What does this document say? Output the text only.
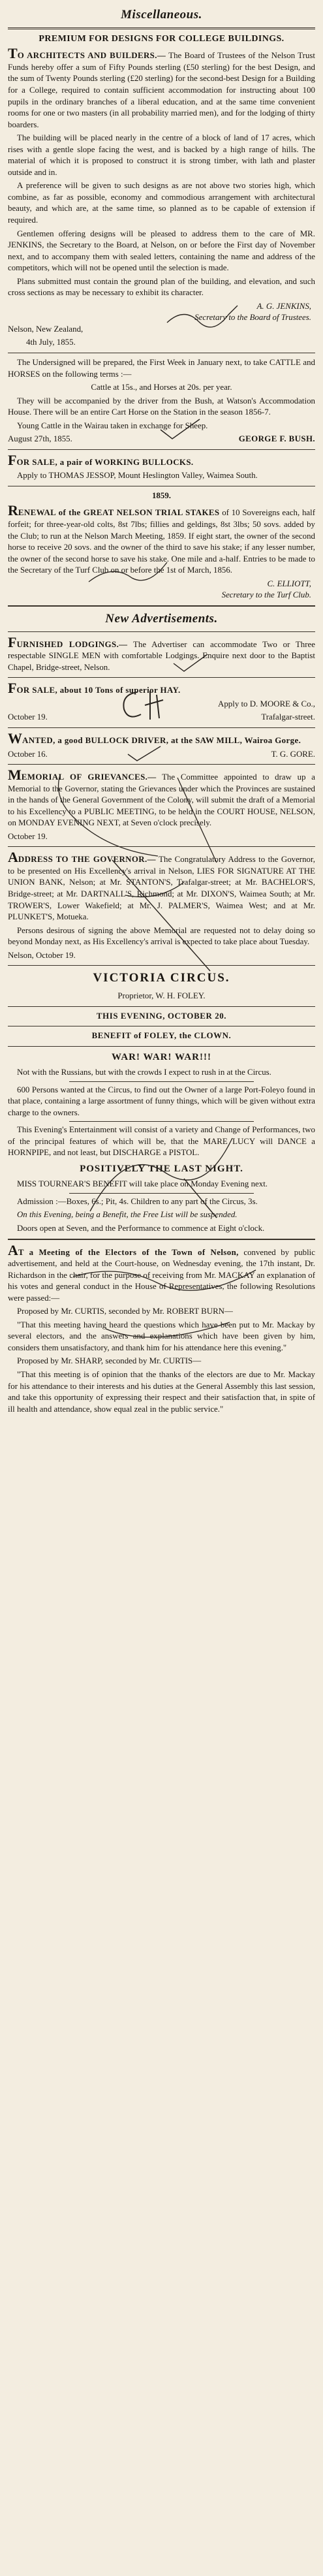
Miscellaneous.
PREMIUM FOR DESIGNS FOR COLLEGE BUILDINGS.

TO ARCHITECTS AND BUILDERS.— The Board of Trustees of the Nelson Trust Funds hereby offer a sum of Fifty Pounds sterling (£50 sterling) for the best Design, and the sum of Twenty Pounds sterling (£20 sterling) for the second-best Design for a Building for a College, required to contain sufficient accommodation for instructing about 100 pupils in the ordinary branches of a liberal education, and at the same time convenient rooms for one or two masters (in all probability married men), and for the lodging of thirty boarders.

The building will be placed nearly in the centre of a block of land of 17 acres, which rises with a gentle slope facing the west, and is backed by a high range of hills. The material of which it is proposed to construct it is strong timber, with lath and plaster outside and in.

A preference will be given to such designs as are not above two stories high, which combine, as far as possible, economy and commodious arrangement with architectural beauty, and which are, at the same time, so planned as to be capable of extension if required.

Gentlemen offering designs will be pleased to address them to the care of MR. JENKINS, the Secretary to the Board, at Nelson, on or before the First day of November next, and to accompany them with sealed letters, containing the name and address of the competitors, which will not be opened until the selection is made.

Plans submitted must contain the ground plan of the building, and elevation, and such cross sections as may be necessary to exhibit its character.

A. G. JENKINS,
Secretary to the Board of Trustees.

Nelson, New Zealand,

4th July, 1855.

The Undersigned will be prepared, the First Week in January next, to take CATTLE and HORSES on the following terms :—

Cattle at 15s., and Horses at 20s. per year.

They will be accompanied by the driver from the Bush, at Watson's Accommodation House. There will be an entire Cart Horse on the Station in the season 1856-7.

Young Cattle in the Wairau taken in exchange for Sheep.

August 27th, 1855.	GEORGE F. BUSH.

FOR SALE, a pair of WORKING BULLOCKS.

Apply to THOMAS JESSOP, Mount Heslington Valley, Waimea South.

1859.

RENEWAL of the GREAT NELSON TRIAL STAKES of 10 Sovereigns each, half forfeit; for three-year-old colts, 8st 7lbs; fillies and geldings, 8st 3lbs; 50 sovs. added by the Club; to run at the Nelson March Meeting, 1859. If eight start, the owner of the second horse to receive 20 sovs. and the owner of the third to save his stake; if any lesser number, the owner of the second horse to save his stake. One mile and a-half. Entries to be made to the Secretary of the Turf Club on or before the 1st of March, 1856.

C. ELLIOTT,
Secretary to the Turf Club.
New Advertisements.

FURNISHED LODGINGS.— The Advertiser can accommodate Two or Three respectable SINGLE MEN with comfortable Lodgings. Enquire next door to the Baptist Chapel, Bridge-street, Nelson.

FOR SALE, about 10 Tons of superior HAY.

Apply to D. MOORE & Co.,

October 19.	Trafalgar-street.

WANTED, a good BULLOCK DRIVER, at the SAW MILL, Wairoa Gorge.

October 16.	T. G. GORE.

MEMORIAL OF GRIEVANCES.— The Committee appointed to draw up a Memorial to the Governor, stating the Grievances under which the Provinces are sustained in the hands of the General Government of the Colony, will submit the draft of a Memorial to his Excellency to a PUBLIC MEETING, to be held in the COURT HOUSE, NELSON, on MONDAY EVENING NEXT, at Seven o'clock precisely.

October 19.

ADDRESS TO THE GOVERNOR.— The Congratulatory Address to the Governor, to be presented on His Excellency's arrival in Nelson, LIES FOR SIGNATURE AT THE UNION BANK, Nelson; at Mr. STANTON'S, Trafalgar-street; at Mr. BACHELOR'S, Bridge-street; at Mr. DARTNALL'S, Richmond; at Mr. DIXON'S, Waimea South; at Mr. TROWER'S, Lower Wakefield; at Mr. J. PALMER'S, Waimea West; and at Mr. PLUNKET'S, Motueka.

Persons desirous of signing the above Memorial are requested not to delay doing so beyond Monday next, as His Excellency's arrival is expected to take place about Tuesday.

Nelson, October 19.

VICTORIA CIRCUS.
Proprietor, W. H. FOLEY.
THIS EVENING, OCTOBER 20.
BENEFIT of FOLEY, the CLOWN.
WAR! WAR! WAR!!!

Not with the Russians, but with the crowds I expect to rush in at the Circus.

600 Persons wanted at the Circus, to find out the Owner of a large Port-Foleyo found in that place, containing a large assortment of funny things, which will be given without extra charge to the owners.

This Evening's Entertainment will consist of a variety and Change of Performances, two of the principal features of which will be, that the MARE LUCY will DANCE a HORNPIPE, and not least, but DISCHARGE a PISTOL.

POSITIVELY THE LAST NIGHT.

MISS TOURNEAR'S BENEFIT will take place on Monday Evening next.

Admission :—Boxes, 6s.; Pit, 4s. Children to any part of the Circus, 3s.

On this Evening, being a Benefit, the Free List will be suspended.

Doors open at Seven, and the Performance to commence at Eight o'clock.

AT a Meeting of the Electors of the Town of Nelson, convened by public advertisement, and held at the Court-house, on Wednesday evening, the 17th instant, Dr. Richardson in the chair, for the purpose of receiving from Mr. MACKAY an explanation of his votes and general conduct in the House of Representatives, the following Resolutions were passed:—

Proposed by Mr. CURTIS, seconded by Mr. ROBERT BURN—

"That this meeting having heard the questions which have been put to Mr. Mackay by several electors, and the answers and explanations which have been given by him, considers them unsatisfactory, and thank him for his attendance here this evening."

Proposed by Mr. SHARP, seconded by Mr. CURTIS—

"That this meeting is of opinion that the thanks of the electors are due to Mr. Mackay for his attendance to their interests and his duties at the General Assembly this last session, and take this opportunity of expressing their respect and their satisfaction that, in spite of ill health and attendance, show equal zeal in the public service."
